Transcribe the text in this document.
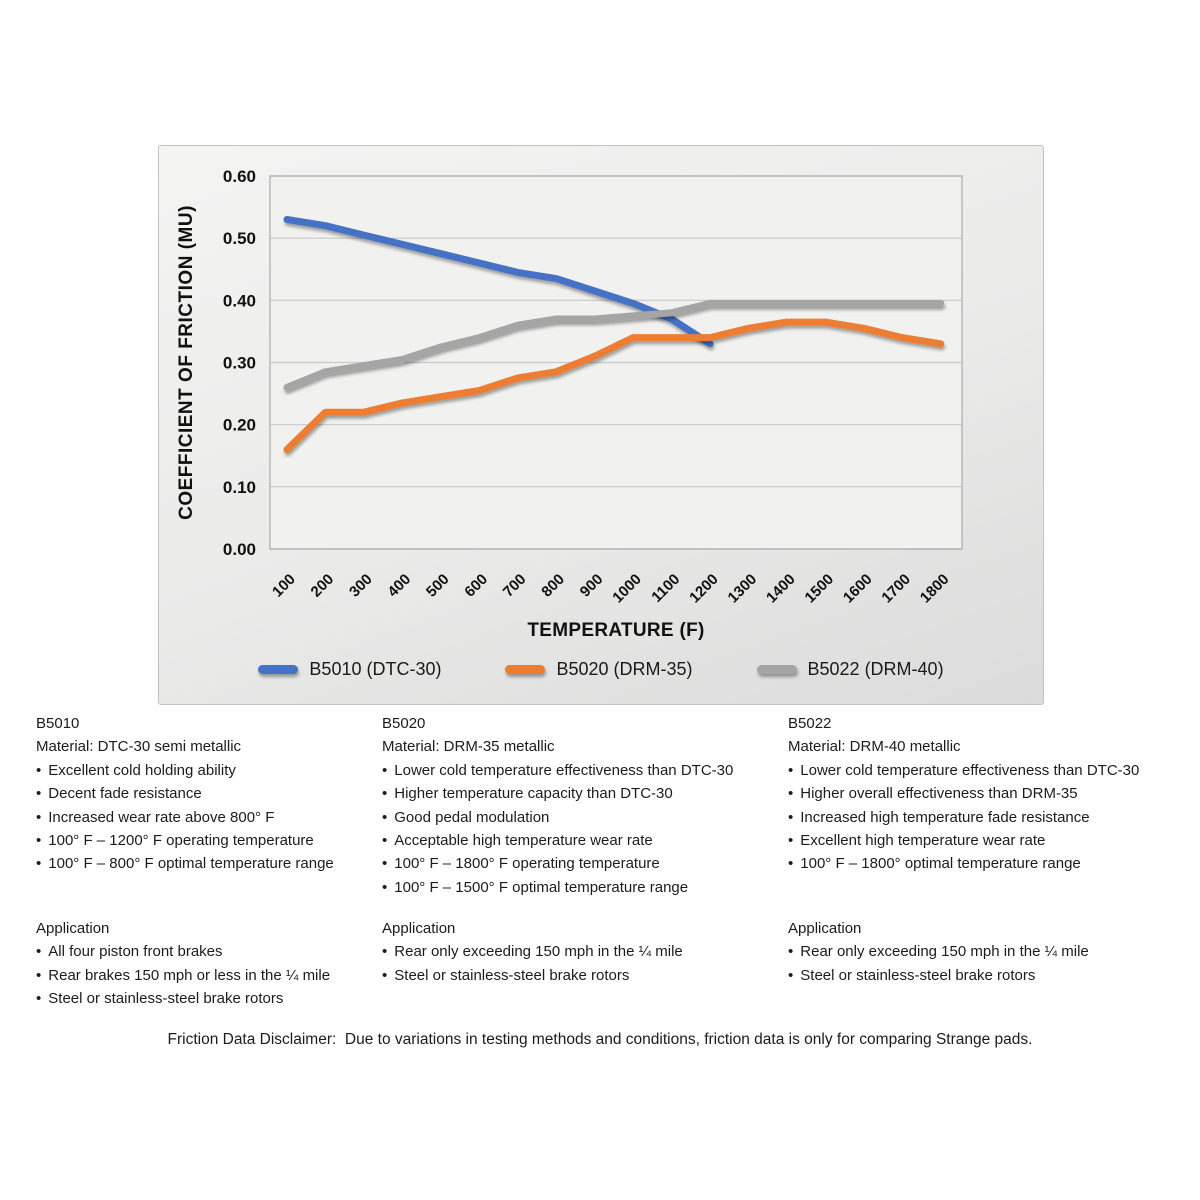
0.60
0.50
0.40
0.30
0.20
0.10
0.00
100 200 300 400 500 600 700 800 900 1000 1100 1200 1300 1400 1500 1600 1700 1800
COEFFICIENT OF FRICTION (MU)
TEMPERATURE (F)
B5010 (DTC-30)	B5020 (DRM-35)	B5022 (DRM-40)

B5010

Material: DTC-30 semi metallic

• Excellent cold holding ability
• Decent fade resistance
• Increased wear rate above 800° F
• 100° F – 1200° F operating temperature
• 100° F – 800° F optimal temperature range

Application

• All four piston front brakes
• Rear brakes 150 mph or less in the ¼ mile
• Steel or stainless-steel brake rotors

B5020

Material: DRM-35 metallic

• Lower cold temperature effectiveness than DTC-30
• Higher temperature capacity than DTC-30
• Good pedal modulation
• Acceptable high temperature wear rate
• 100° F – 1800° F operating temperature
• 100° F – 1500° F optimal temperature range

Application

• Rear only exceeding 150 mph in the ¼ mile
• Steel or stainless-steel brake rotors

B5022

Material: DRM-40 metallic

• Lower cold temperature effectiveness than DTC-30
• Higher overall effectiveness than DRM-35
• Increased high temperature fade resistance
• Excellent high temperature wear rate
• 100° F – 1800° optimal temperature range

Application

• Rear only exceeding 150 mph in the ¼ mile
• Steel or stainless-steel brake rotors
Friction Data Disclaimer:  Due to variations in testing methods and conditions, friction data is only for comparing Strange pads.
